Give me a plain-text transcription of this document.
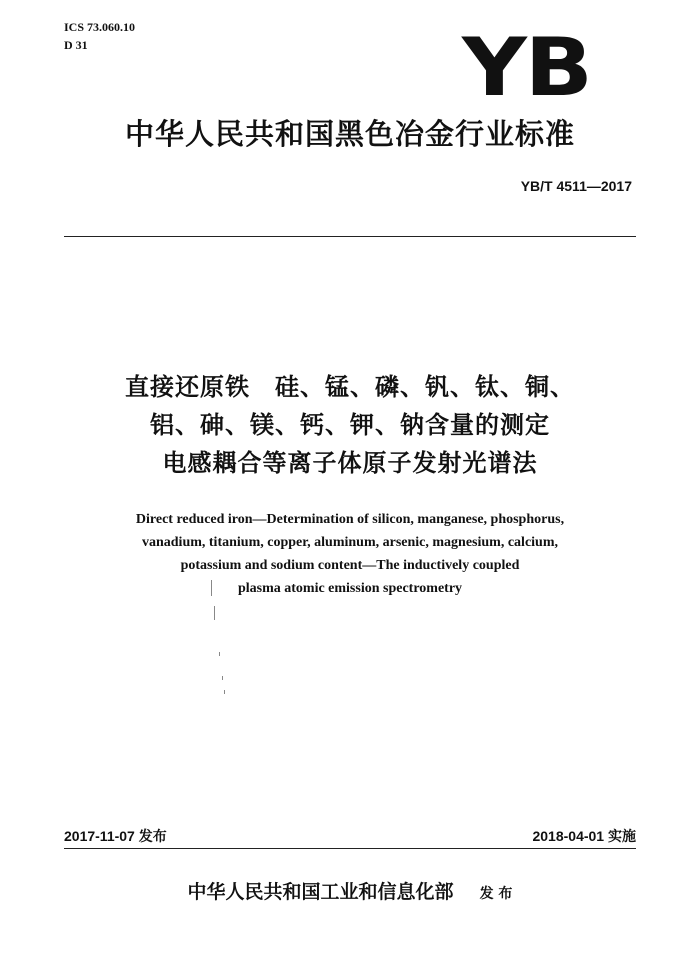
ICS 73.060.10
D 31	YB
中华人民共和国黑色冶金行业标准
YB/T 4511—2017
直接还原铁　硅、锰、磷、钒、钛、铜、
铝、砷、镁、钙、钾、钠含量的测定
电感耦合等离子体原子发射光谱法
Direct reduced iron—Determination of silicon, manganese, phosphorus,
vanadium, titanium, copper, aluminum, arsenic, magnesium, calcium,
potassium and sodium content—The inductively coupled
plasma atomic emission spectrometry
2017-11-07 发布	2018-04-01 实施
中华人民共和国工业和信息化部 发 布
